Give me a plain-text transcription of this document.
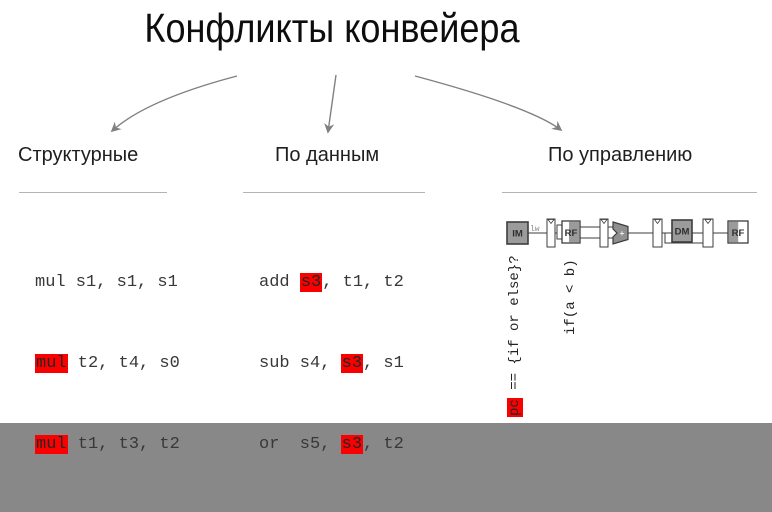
Конфликты конвейера
Структурные	По данным	По управлению

mul s1, s1, s1

mul t2, t4, s0

mul t1, t3, t2

add s3, t1, t2

sub s4, s3, s1

or  s5, s3, t2

IM lw	RF	+	DM	RF
pc == {if or else}?	if(a < b)
